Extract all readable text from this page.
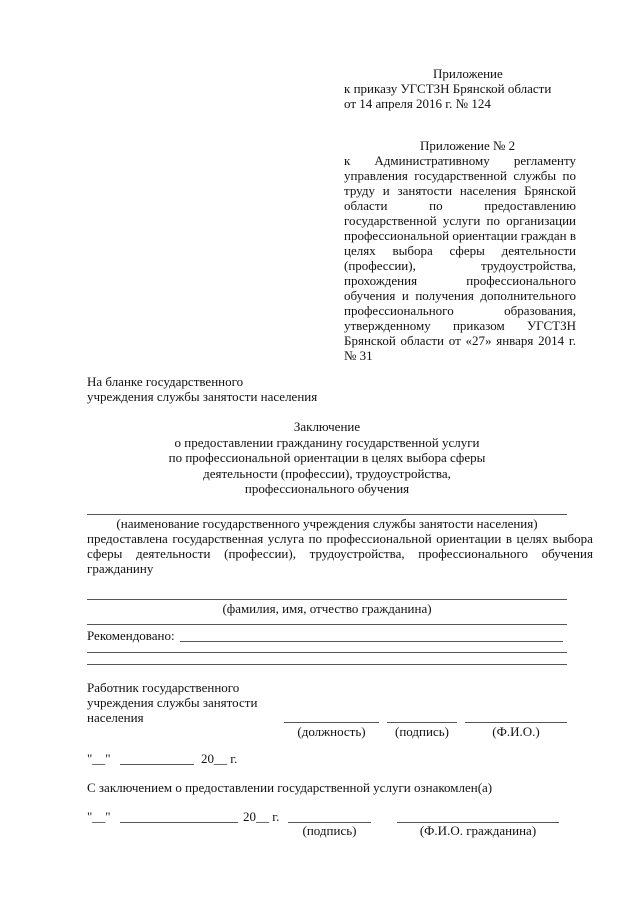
Приложение
к приказу УГСТЗН Брянской области
от 14 апреля 2016 г. № 124
Приложение № 2
к Административному регламенту
управления государственной службы по
труду и занятости населения Брянской
области	по	предоставлению
государственной услуги по организации
профессиональной ориентации граждан в
целях выбора сферы деятельности
(профессии),	трудоустройства,
прохождения	профессионального
обучения и получения дополнительного
профессионального	образования,
утвержденному приказом УГСТЗН
Брянской области от «27» января 2014 г.
№ 31
На бланке государственного
учреждения службы занятости населения
Заключение
о предоставлении гражданину государственной услуги
по профессиональной ориентации в целях выбора сферы
деятельности (профессии), трудоустройства,
профессионального обучения
(наименование государственного учреждения службы занятости населения)
предоставлена государственная услуга по профессиональной ориентации в целях выбора
сферы деятельности (профессии), трудоустройства, профессионального обучения
гражданину
(фамилия, имя, отчество гражданина)
Рекомендовано:
Работник государственного
учреждения службы занятости
населения
(должность)	(подпись)	(Ф.И.О.)
"__"	20__ г.
С заключением о предоставлении государственной услуги ознакомлен(а)
"__"	20__ г.
(подпись)	(Ф.И.О. гражданина)
